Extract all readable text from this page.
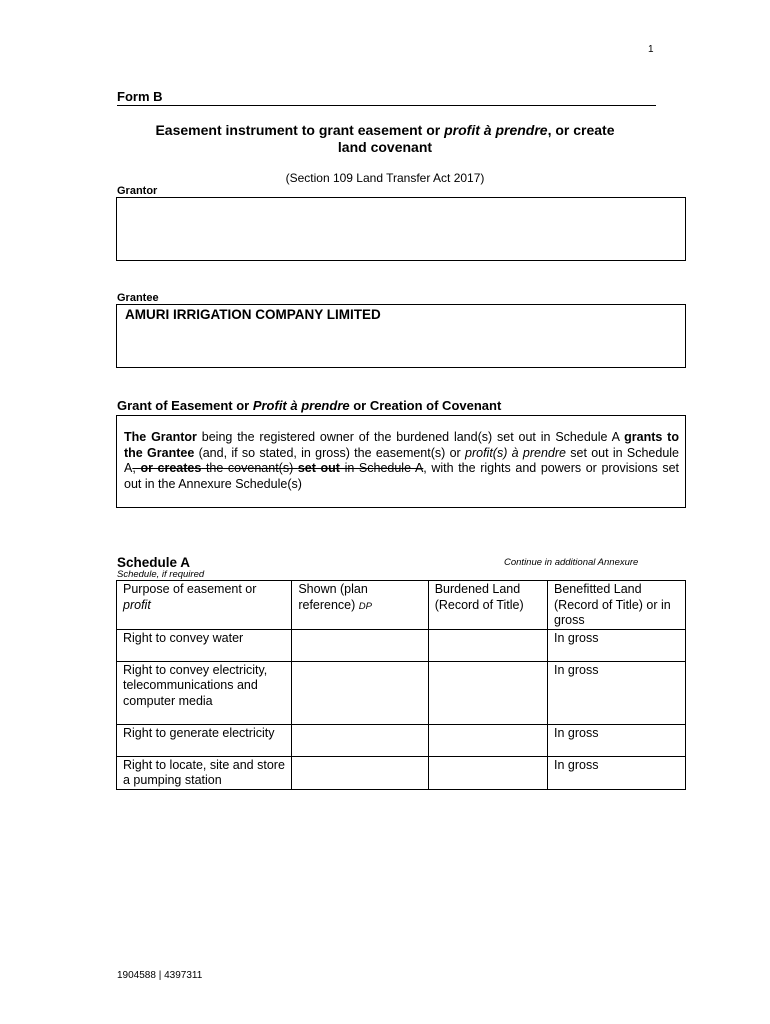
1
Form B
Easement instrument to grant easement or profit à prendre, or create
land covenant
(Section 109 Land Transfer Act 2017)
Grantor
Grantee
AMURI IRRIGATION COMPANY LIMITED
Grant of Easement or Profit à prendre or Creation of Covenant
The Grantor being the registered owner of the burdened land(s) set out in Schedule A grants to the Grantee (and, if so stated, in gross) the easement(s) or profit(s) à prendre set out in Schedule A, or creates the covenant(s) set out in Schedule A, with the rights and powers or provisions set out in the Annexure Schedule(s)
Schedule A	Continue in additional Annexure
Schedule, if required
Purpose of easement or profit	Shown (plan reference) DP	Burdened Land (Record of Title)	Benefitted Land (Record of Title) or in gross
Right to convey water			In gross
Right to convey electricity, telecommunications and computer media			In gross
Right to generate electricity			In gross
Right to locate, site and store a pumping station			In gross
1904588 | 4397311
